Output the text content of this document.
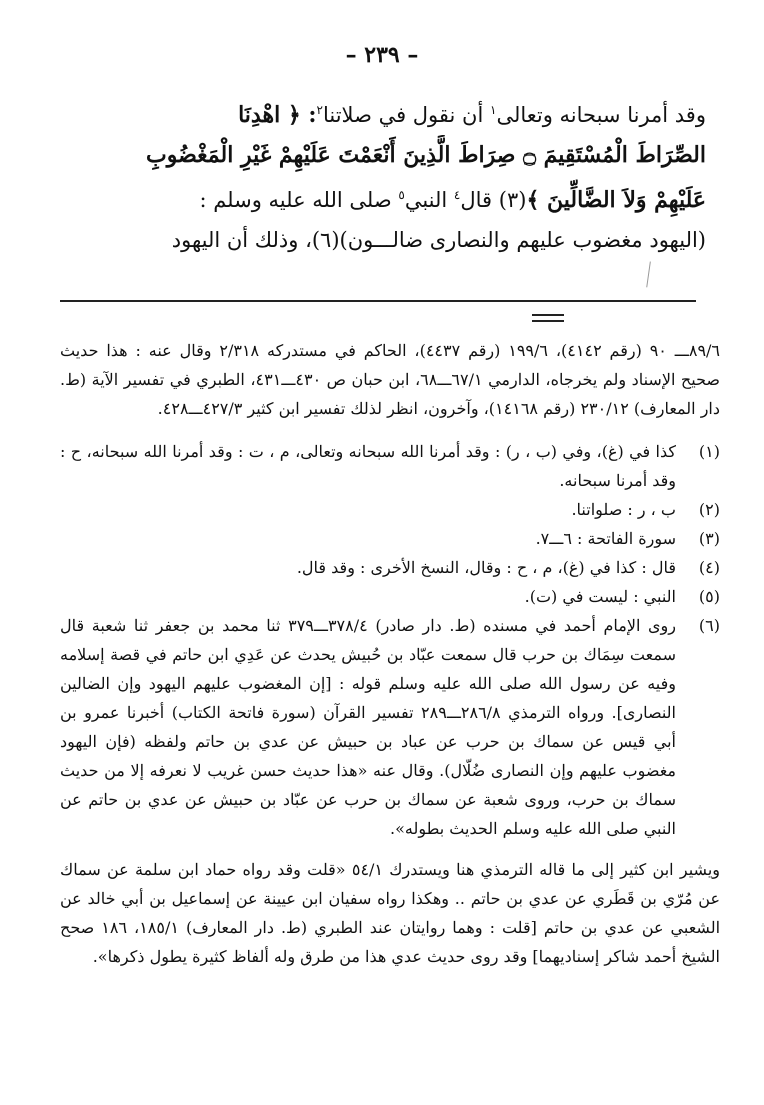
– ٢٣٩ –
وقد أمرنا سبحانه وتعالى$^١$ أن نقول في صلاتنا$^٢$: ﴿ اهْدِنَا
الصِّرَاطَ الْمُسْتَقِيمَ ۝ صِرَاطَ الَّذِينَ أَنْعَمْتَ عَلَيْهِمْ غَيْرِ الْمَغْضُوبِ
عَلَيْهِمْ وَلاَ الضَّالِّينَ ﴾(٣) قال$^٤$ النبي$^٥$ صلى الله عليه وسلم :
(اليهود مغضوب عليهم والنصارى ضالـــون)(٦)، وذلك أن اليهود
٨٩/٦ـــ ٩٠ (رقم ٤١٤٢)، ١٩٩/٦ (رقم ٤٤٣٧)، الحاكم في مستدركه ٢/٣١٨ وقال عنه : هذا حديث صحيح الإسناد ولم يخرجاه، الدارمي ٦٧/١ـــ٦٨، ابن حبان ص ٤٣٠ـــ٤٣١، الطبري في تفسير الآية (ط. دار المعارف) ٢٣٠/١٢ (رقم ١٤١٦٨)، وآخرون، انظر لذلك تفسير ابن كثير ٤٢٧/٣ـــ٤٢٨.
(١)
كذا في (غ)، وفي (ب ، ر) : وقد أمرنا الله سبحانه وتعالى، م ، ت : وقد أمرنا الله سبحانه، ح : وقد أمرنا سبحانه.
(٢)
ب ، ر : صلواتنا.
(٣)
سورة الفاتحة : ٦ـــ٧.
(٤)
قال : كذا في (غ)، م ، ح : وقال، النسخ الأخرى : وقد قال.
(٥)
النبي : ليست في (ت).
(٦)
روى الإمام أحمد في مسنده (ط. دار صادر) ٣٧٨/٤ـــ٣٧٩ ثنا محمد بن جعفر ثنا شعبة قال سمعت سِمَاك بن حرب قال سمعت عبّاد بن حُبيش يحدث عن عَدِي ابن حاتم في قصة إسلامه وفيه عن رسول الله صلى الله عليه وسلم قوله : [إن المغضوب عليهم اليهود وإن الضالين النصارى]. ورواه الترمذي ٢٨٦/٨ـــ٢٨٩ تفسير القرآن (سورة فاتحة الكتاب) أخبرنا عمرو بن أبي قيس عن سماك بن حرب عن عباد بن حبيش عن عدي بن حاتم ولفظه (فإن اليهود مغضوب عليهم وإن النصارى ضُلّال). وقال عنه «هذا حديث حسن غريب لا نعرفه إلا من حديث سماك بن حرب، وروى شعبة عن سماك بن حرب عن عبّاد بن حبيش عن عدي بن حاتم عن النبي صلى الله عليه وسلم الحديث بطوله».
ويشير ابن كثير إلى ما قاله الترمذي هنا ويستدرك ٥٤/١ «قلت وقد رواه حماد ابن سلمة عن سماك عن مُرّي بن قَطَري عن عدي بن حاتم .. وهكذا رواه سفيان ابن عيينة عن إسماعيل بن أبي خالد عن الشعبي عن عدي بن حاتم [قلت : وهما روايتان عند الطبري (ط. دار المعارف) ١٨٥/١، ١٨٦ صحح الشيخ أحمد شاكر إسناديهما] وقد روى حديث عدي هذا من طرق وله ألفاظ كثيرة يطول ذكرها».
